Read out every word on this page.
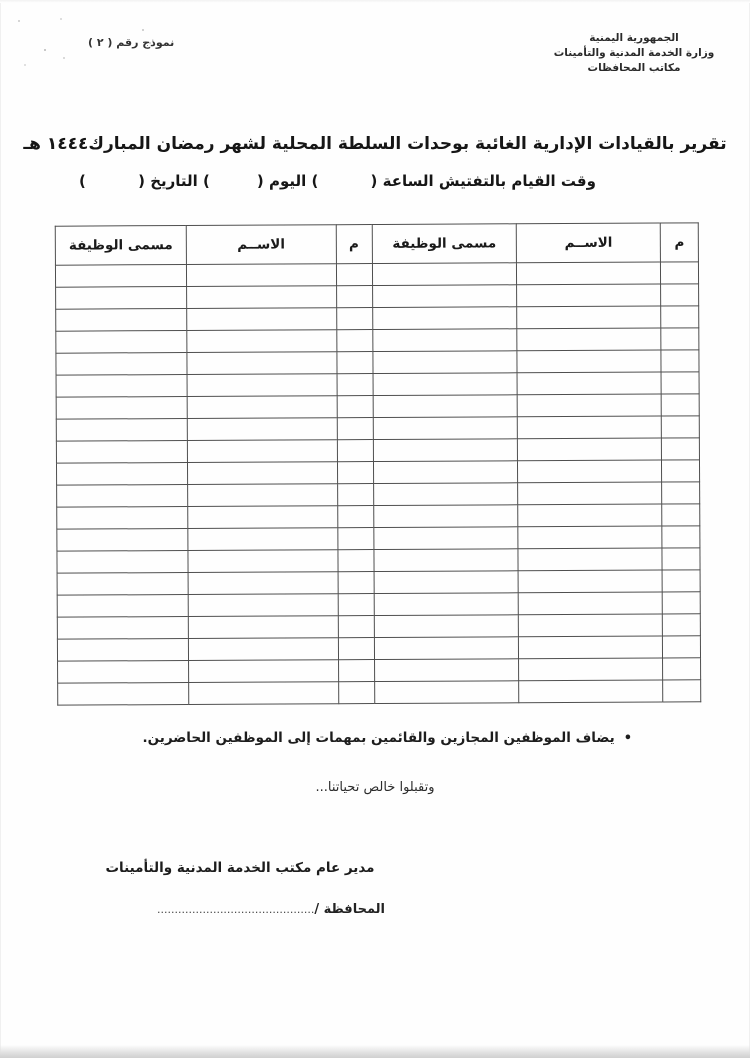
الجمهورية اليمنية
وزارة الخدمة المدنية والتأمينات
مكاتب المحافظات
نموذج رقم ( ٢ )
تقرير بالقيادات الإدارية الغائبة بوحدات السلطة المحلية لشهر رمضان المبارك١٤٤٤ هـ
وقت القيام بالتفتيش الساعة (          ) اليوم (         ) التاريخ (          )
م	الاســم	مسمى الوظيفة	م	الاســم	مسمى الوظيفة

•
يضاف الموظفين المجازين والقائمين بمهمات إلى الموظفين الحاضرين.
وتقبلوا خالص تحياتنا...
مدير عام مكتب الخدمة المدنية والتأمينات
المحافظة /.............................................
